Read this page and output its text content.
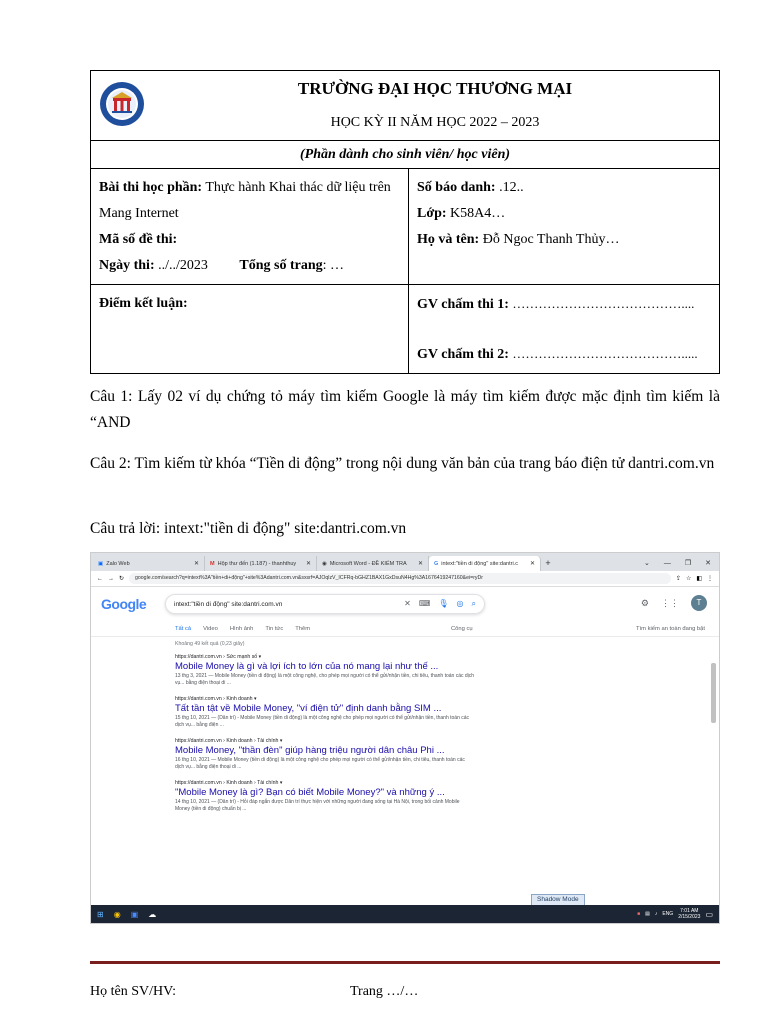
TRƯỜNG ĐẠI HỌC THƯƠNG MẠI
HỌC KỲ II NĂM HỌC 2022 – 2023
(Phần dành cho sinh viên/ học viên)
Bài thi học phần: Thực hành Khai thác dữ liệu trên Mang Internet
Mã số đề thi:
Ngày thi: ../../2023 Tổng số trang: …
Số báo danh: .12..
Lớp: K58A4…
Họ và tên: Đỗ Ngoc Thanh Thủy…
Điểm kết luận:	GV chấm thi 1: …………………………………....
GV chấm thi 2: ………………………………….....

Câu 1: Lấy 02 ví dụ chứng tỏ máy tìm kiếm Google là máy tìm kiếm được mặc định tìm kiếm là “AND

Câu 2: Tìm kiếm từ khóa “Tiền di động” trong nội dung văn bản của trang báo điện tử dantri.com.vn

Câu trả lời: intext:"tiền di động" site:dantri.com.vn

▣ Zalo Web	✕ M Hộp thư đến (1.187) - thanhthuy ✕ ◉ Microsoft Word - ĐỀ KIỂM TRA ✕ G intext:"tiền di động" site:dantri.c ✕	+	⌄ — ❐ ✕
← → ↻	google.com/search?q=intext%3A"tiền+di+động"+site%3Adantri.com.vn&sxsrf=AJOqlzV_ICFRq-bGHZ1BAX1GxDsuN4Hg%3A1676419247160&ei=ryDr	⇪ ☆ ◧ ⋮
Google	intext:"tiền di động" site:dantri.com.vn	✕ ⌨ 🎙 ◎ ⌕	⚙ ⋮⋮	T
Tất cả Video Hình ảnh Tin tức Thêm	Công cụ	Tìm kiếm an toàn đang bật
Khoảng 49 kết quả (0,23 giây)
https://dantri.com.vn › Sức mạnh số ▾
Mobile Money là gì và lợi ích to lớn của nó mang lại như thế ...
13 thg 3, 2021 — Mobile Money (tiền di động) là một công nghệ, cho phép mọi người có thể gửi/nhận tiền, chi tiêu, thanh toán các dịch vụ... bằng điện thoại di ...
https://dantri.com.vn › Kinh doanh ▾
Tất tần tật về Mobile Money, "ví điện tử" định danh bằng SIM ...
15 thg 10, 2021 — (Dân trí) - Mobile Money (tiền di động) là một công nghệ cho phép mọi người có thể gửi/nhận tiền, thanh toán các dịch vụ... bằng điện ...
https://dantri.com.vn › Kinh doanh › Tài chính ▾
Mobile Money, "thần đèn" giúp hàng triệu người dân châu Phi ...
16 thg 10, 2021 — Mobile Money (tiền di động) là một công nghệ cho phép mọi người có thể gửi/nhận tiền, chi tiêu, thanh toán các dịch vụ... bằng điện thoại di ...
https://dantri.com.vn › Kinh doanh › Tài chính ▾
"Mobile Money là gì? Bạn có biết Mobile Money?" và những ý ...
14 thg 10, 2021 — (Dân trí) - Hỏi đáp ngắn được Dân trí thực hiện với những người đang sống tại Hà Nội, trong bối cảnh Mobile Money (tiền di động) chuẩn bị ...
Shadow Mode
⊞ ◉ ▣ ☁	■ ▤ ♪ ENG 7:01 AM
2/15/2023 ▭
Họ tên SV/HV:	Trang …/…
